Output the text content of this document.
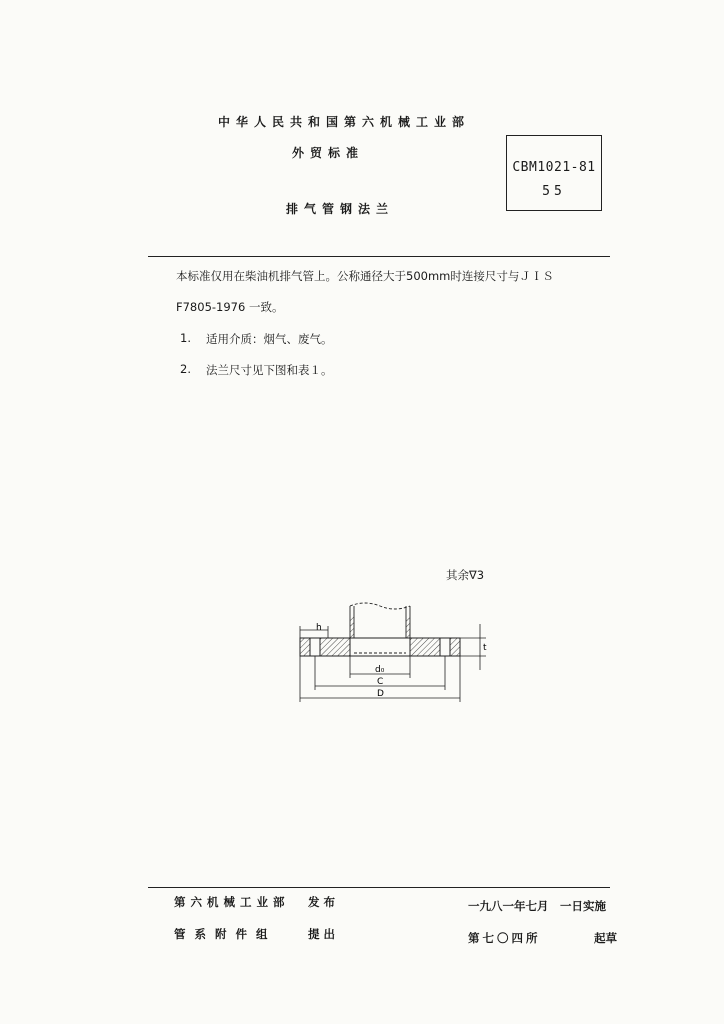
中华人民共和国第六机械工业部
外贸标准
排气管钢法兰
CBM1021-81
55
本标准仅用在柴油机排气管上。公称通径大于500mm时连接尺寸与ＪＩＳ
F7805-1976 一致。
1. 适用介质：烟气、废气。
2. 法兰尺寸见下图和表１。
其余∇3
h
t
d₀
C
D
第六机械工业部 发布	一九八一年七月　一日实施
管系附件组	提出	第七〇四所	起草
